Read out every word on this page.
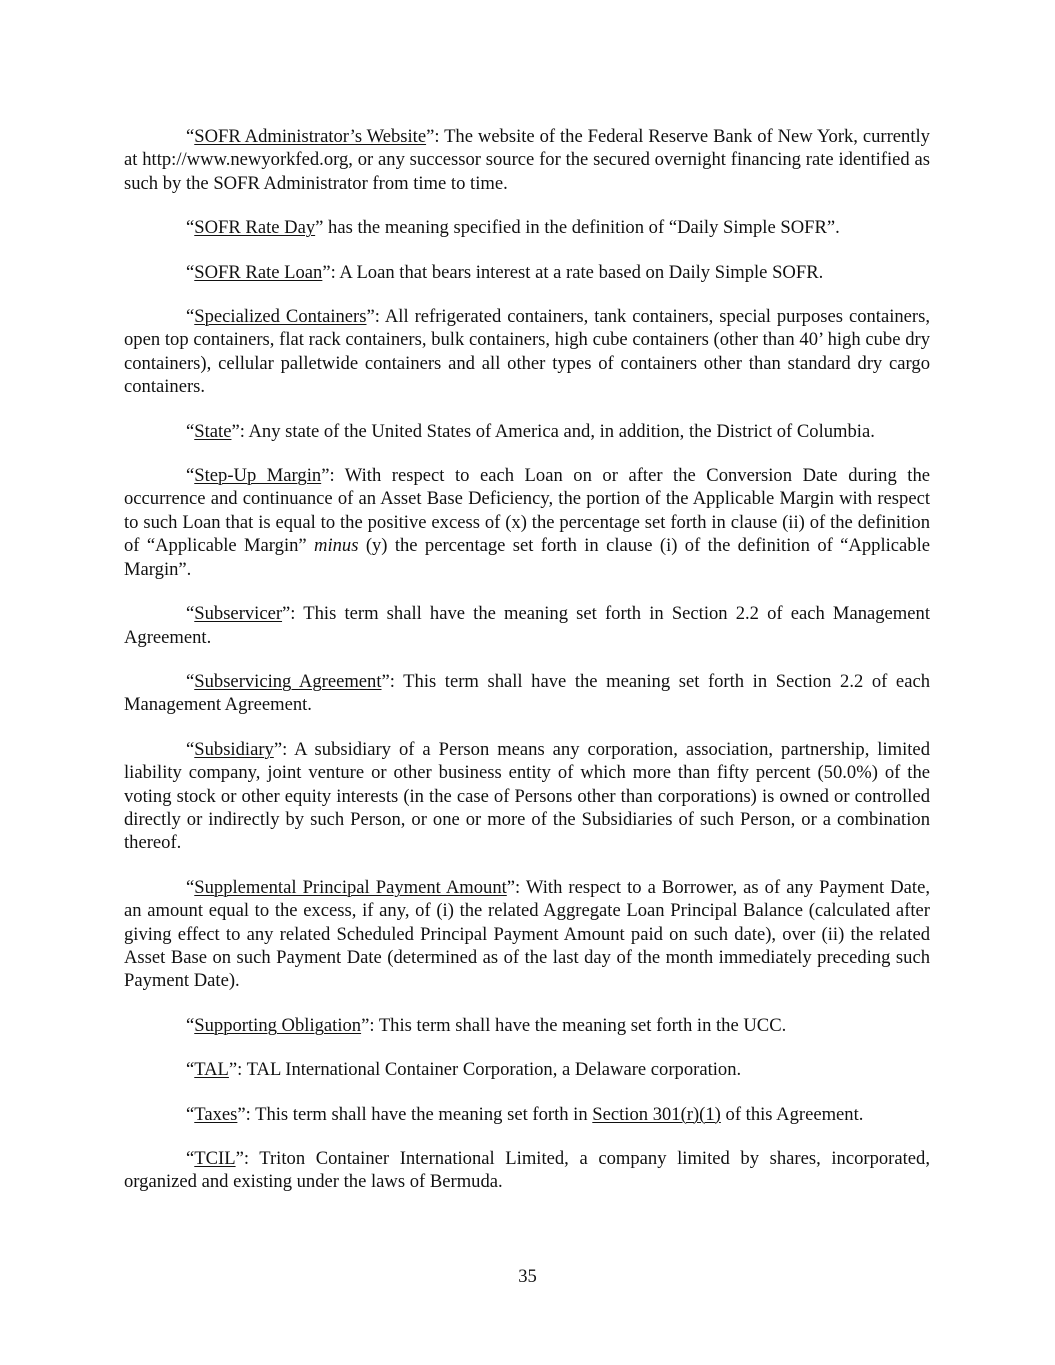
“SOFR Administrator’s Website”: The website of the Federal Reserve Bank of New York, currently at http://www.newyorkfed.org, or any successor source for the secured overnight financing rate identified as such by the SOFR Administrator from time to time.

“SOFR Rate Day” has the meaning specified in the definition of “Daily Simple SOFR”.

“SOFR Rate Loan”: A Loan that bears interest at a rate based on Daily Simple SOFR.

“Specialized Containers”: All refrigerated containers, tank containers, special purposes containers, open top containers, flat rack containers, bulk containers, high cube containers (other than 40’ high cube dry containers), cellular palletwide containers and all other types of containers other than standard dry cargo containers.

“State”: Any state of the United States of America and, in addition, the District of Columbia.

“Step-Up Margin”: With respect to each Loan on or after the Conversion Date during the occurrence and continuance of an Asset Base Deficiency, the portion of the Applicable Margin with respect to such Loan that is equal to the positive excess of (x) the percentage set forth in clause (ii) of the definition of “Applicable Margin” minus (y) the percentage set forth in clause (i) of the definition of “Applicable Margin”.

“Subservicer”: This term shall have the meaning set forth in Section 2.2 of each Management Agreement.

“Subservicing Agreement”: This term shall have the meaning set forth in Section 2.2 of each Management Agreement.

“Subsidiary”: A subsidiary of a Person means any corporation, association, partnership, limited liability company, joint venture or other business entity of which more than fifty percent (50.0%) of the voting stock or other equity interests (in the case of Persons other than corporations) is owned or controlled directly or indirectly by such Person, or one or more of the Subsidiaries of such Person, or a combination thereof.

“Supplemental Principal Payment Amount”: With respect to a Borrower, as of any Payment Date, an amount equal to the excess, if any, of (i) the related Aggregate Loan Principal Balance (calculated after giving effect to any related Scheduled Principal Payment Amount paid on such date), over (ii) the related Asset Base on such Payment Date (determined as of the last day of the month immediately preceding such Payment Date).

“Supporting Obligation”: This term shall have the meaning set forth in the UCC.

“TAL”: TAL International Container Corporation, a Delaware corporation.

“Taxes”: This term shall have the meaning set forth in Section 301(r)(1) of this Agreement.

“TCIL”: Triton Container International Limited, a company limited by shares, incorporated, organized and existing under the laws of Bermuda.

35
